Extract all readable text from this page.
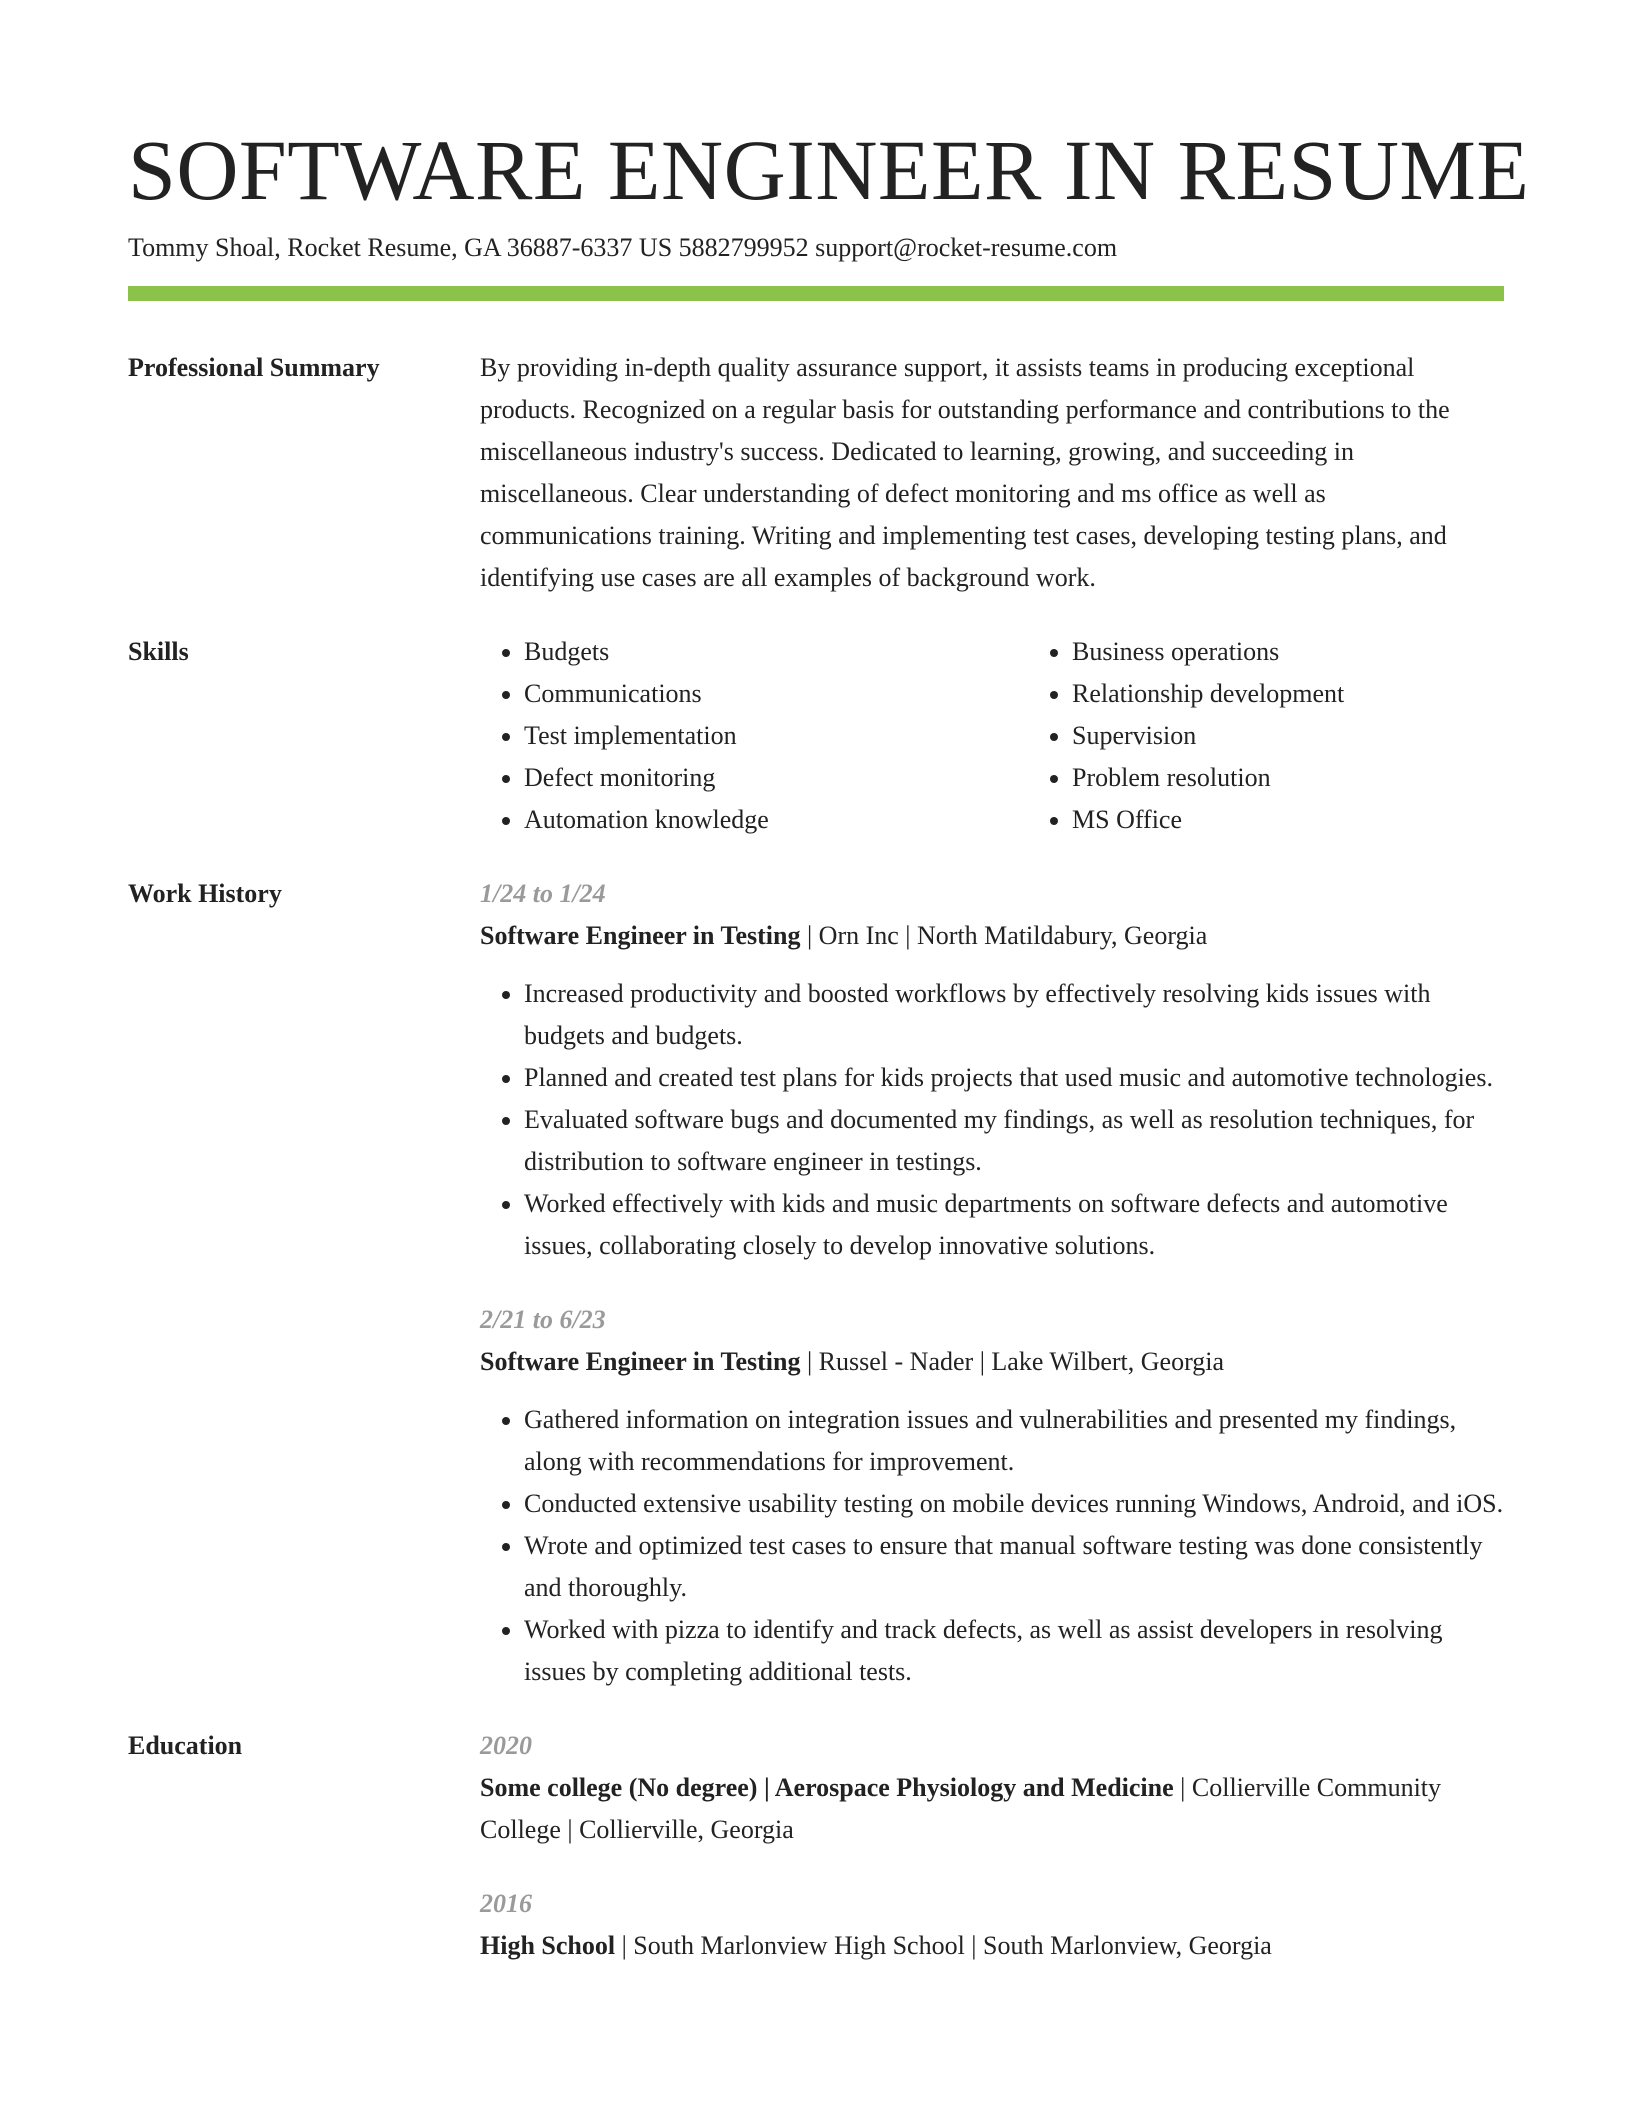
SOFTWARE ENGINEER IN RESUME
Tommy Shoal, Rocket Resume, GA 36887-6337 US 5882799952 support@rocket-resume.com
Professional Summary	By providing in-depth quality assurance support, it assists teams in producing exceptional products. Recognized on a regular basis for outstanding performance and contributions to the miscellaneous industry's success. Dedicated to learning, growing, and succeeding in miscellaneous. Clear understanding of defect monitoring and ms office as well as communications training. Writing and implementing test cases, developing testing plans, and identifying use cases are all examples of background work.

Skills
•	Budgets
• Communications
• Test implementation
• Defect monitoring
• Automation knowledge
• Business operations
• Relationship development
• Supervision
• Problem resolution
• MS Office
Work History	1/24 to 1/24
Software Engineer in Testing | Orn Inc | North Matildabury, Georgia
• Increased productivity and boosted workflows by effectively resolving kids issues with budgets and budgets.
• Planned and created test plans for kids projects that used music and automotive technologies.
• Evaluated software bugs and documented my findings, as well as resolution techniques, for distribution to software engineer in testings.
• Worked effectively with kids and music departments on software defects and automotive issues, collaborating closely to develop innovative solutions.
2/21 to 6/23
Software Engineer in Testing | Russel - Nader | Lake Wilbert, Georgia
• Gathered information on integration issues and vulnerabilities and presented my findings, along with recommendations for improvement.
• Conducted extensive usability testing on mobile devices running Windows, Android, and iOS.
• Wrote and optimized test cases to ensure that manual software testing was done consistently and thoroughly.
• Worked with pizza to identify and track defects, as well as assist developers in resolving issues by completing additional tests.
Education	2020
Some college (No degree) | Aerospace Physiology and Medicine | Collierville Community College | Collierville, Georgia
2016
High School | South Marlonview High School | South Marlonview, Georgia
